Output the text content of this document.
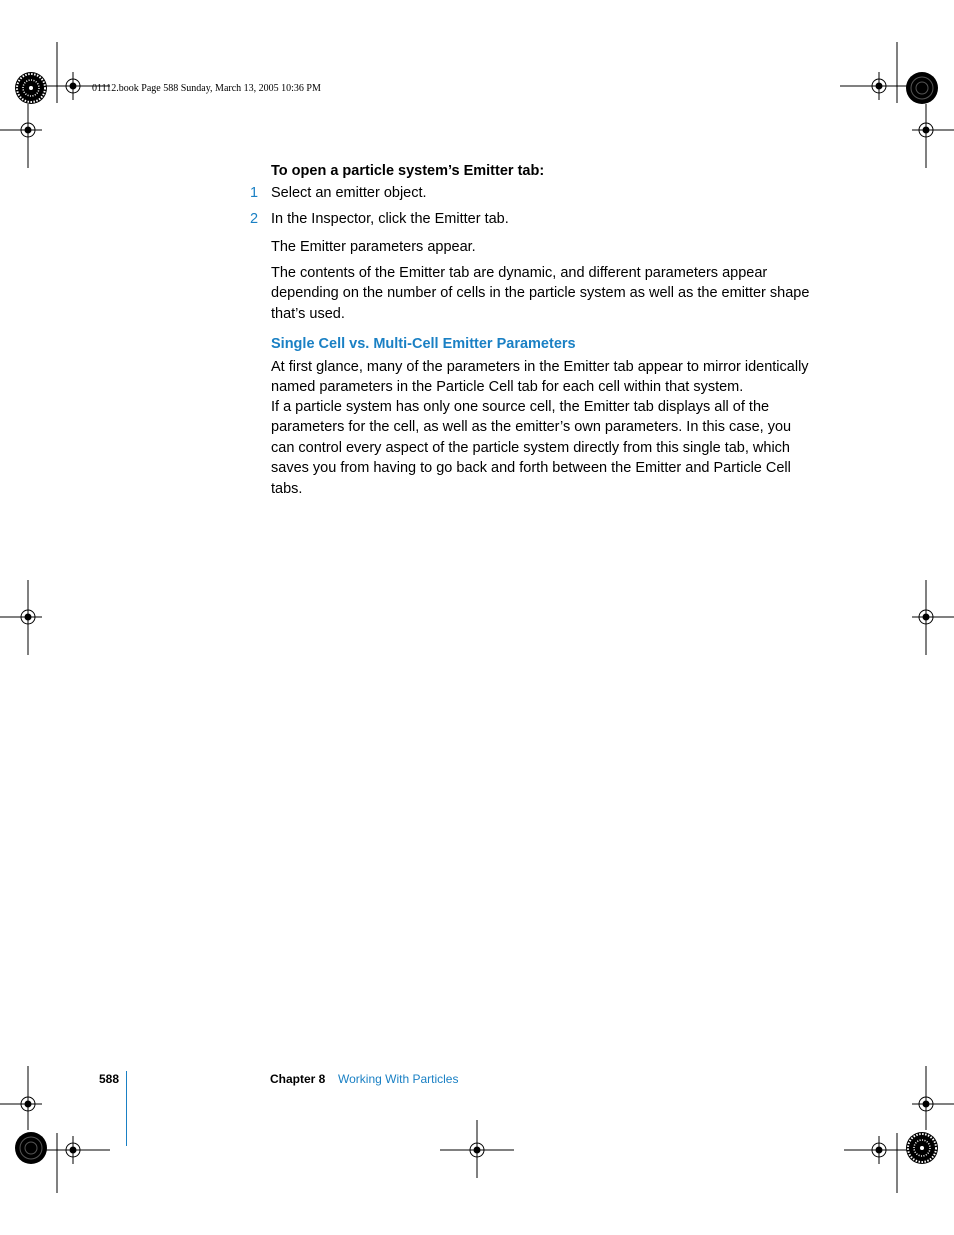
01112.book Page 588 Sunday, March 13, 2005 10:36 PM
To open a particle system’s Emitter tab:
1 Select an emitter object.
2 In the Inspector, click the Emitter tab.
The Emitter parameters appear.
The contents of the Emitter tab are dynamic, and different parameters appear depending on the number of cells in the particle system as well as the emitter shape that’s used.
Single Cell vs. Multi-Cell Emitter Parameters
At first glance, many of the parameters in the Emitter tab appear to mirror identically named parameters in the Particle Cell tab for each cell within that system.
If a particle system has only one source cell, the Emitter tab displays all of the parameters for the cell, as well as the emitter’s own parameters. In this case, you can control every aspect of the particle system directly from this single tab, which saves you from having to go back and forth between the Emitter and Particle Cell tabs.
588	Chapter 8 Working With Particles
